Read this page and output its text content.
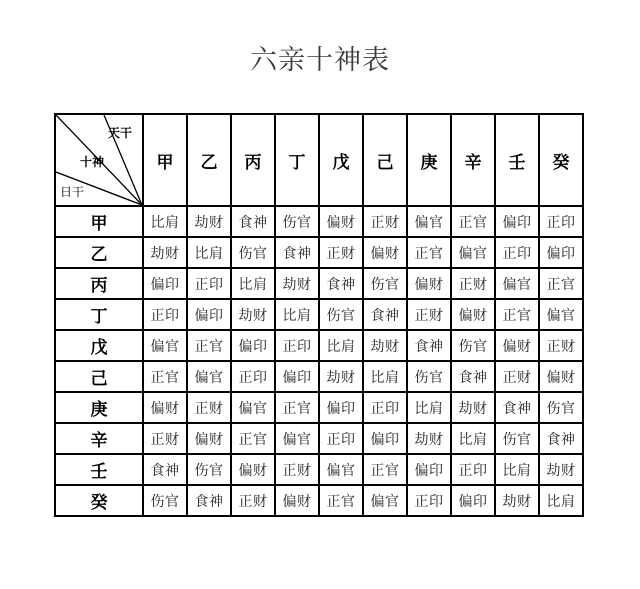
六亲十神表
天干
十神
日干	甲	乙	丙	丁	戊	己	庚	辛	壬	癸
甲	比肩	劫财	食神	伤官	偏财	正财	偏官	正官	偏印	正印
乙	劫财	比肩	伤官	食神	正财	偏财	正官	偏官	正印	偏印
丙	偏印	正印	比肩	劫财	食神	伤官	偏财	正财	偏官	正官
丁	正印	偏印	劫财	比肩	伤官	食神	正财	偏财	正官	偏官
戊	偏官	正官	偏印	正印	比肩	劫财	食神	伤官	偏财	正财
己	正官	偏官	正印	偏印	劫财	比肩	伤官	食神	正财	偏财
庚	偏财	正财	偏官	正官	偏印	正印	比肩	劫财	食神	伤官
辛	正财	偏财	正官	偏官	正印	偏印	劫财	比肩	伤官	食神
壬	食神	伤官	偏财	正财	偏官	正官	偏印	正印	比肩	劫财
癸	伤官	食神	正财	偏财	正官	偏官	正印	偏印	劫财	比肩
